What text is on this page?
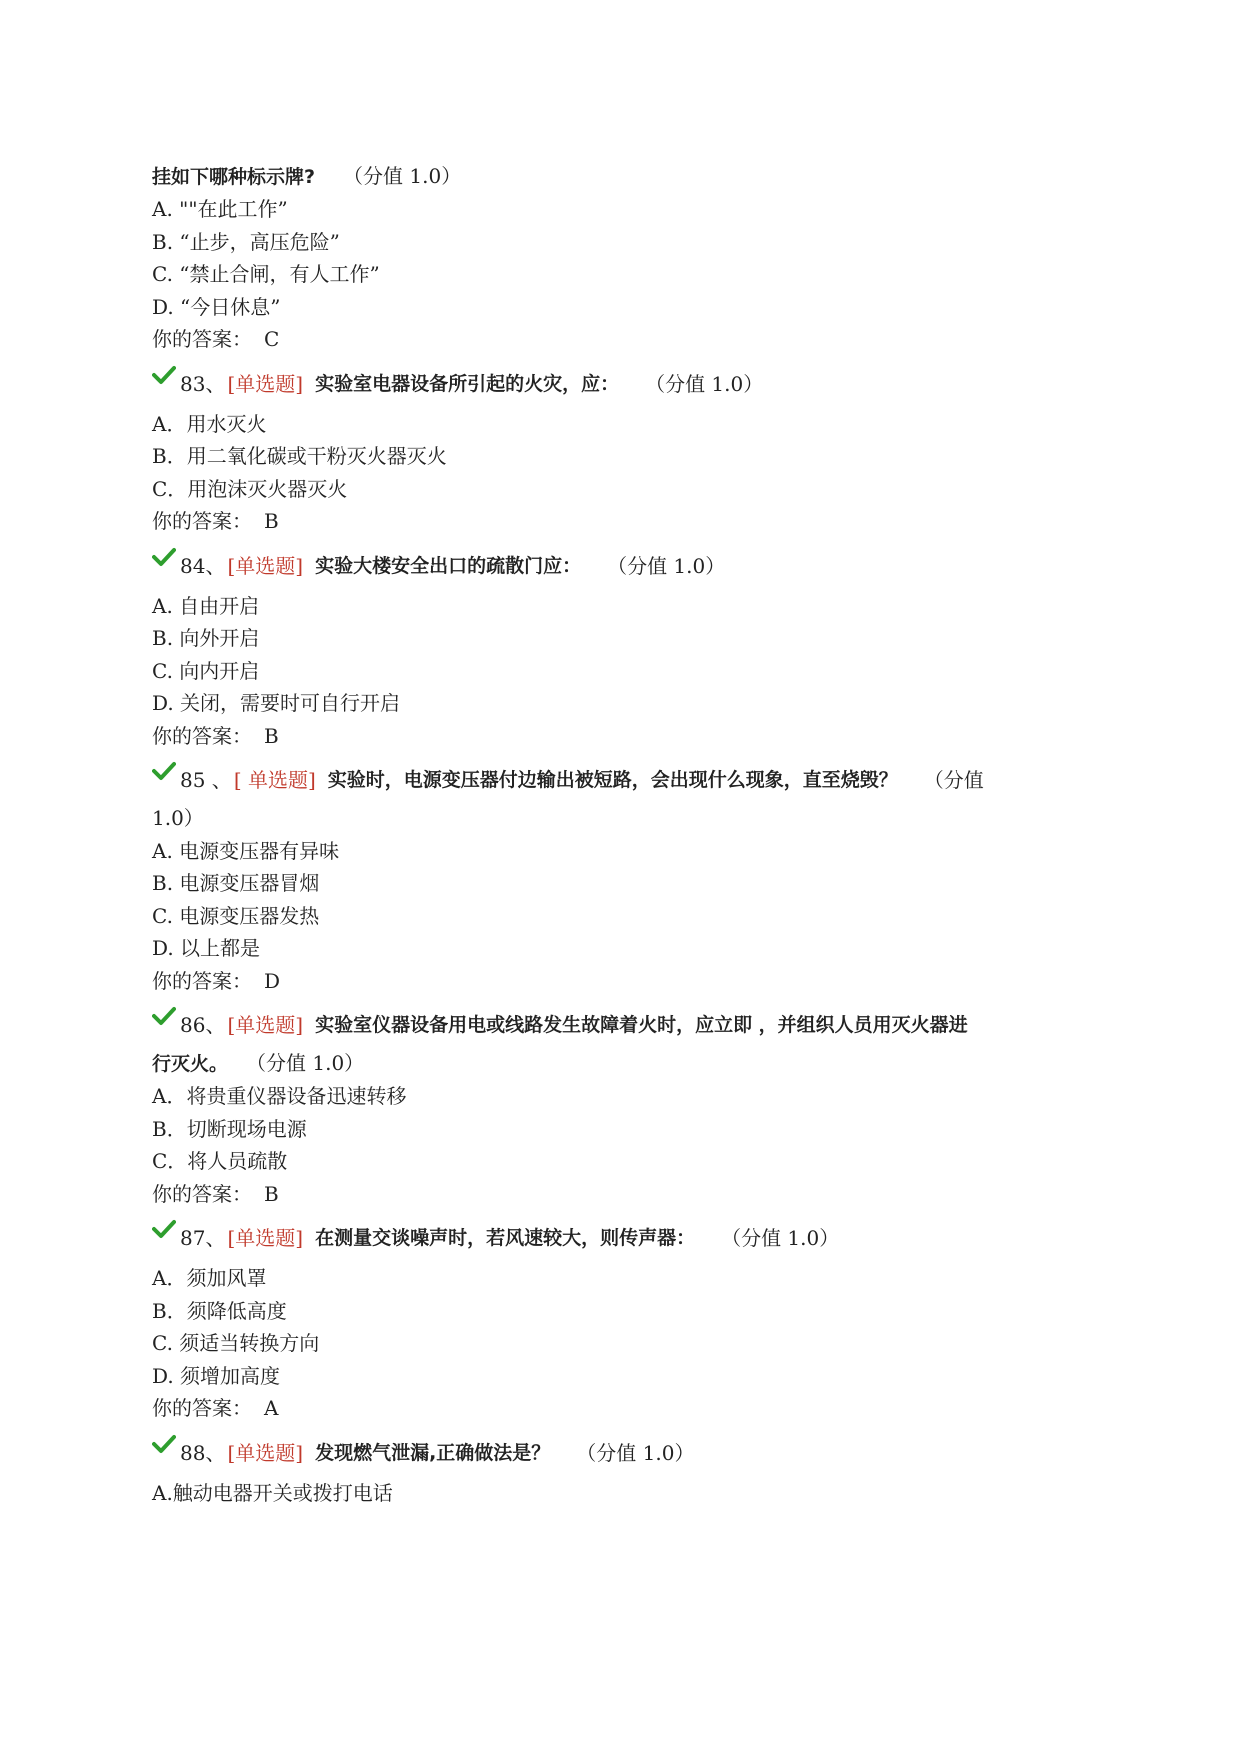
挂如下哪种标示牌? （分值 1.0）
A. ""在此工作”
B. “止步，高压危险”
C. “禁止合闸，有人工作”
D. “今日休息”
你的答案： C
83、 [单选题] 实验室电器设备所引起的火灾，应： （分值 1.0）
A．用水灭火
B．用二氧化碳或干粉灭火器灭火
C．用泡沫灭火器灭火
你的答案： B
84、 [单选题] 实验大楼安全出口的疏散门应： （分值 1.0）
A. 自由开启
B. 向外开启
C. 向内开启
D. 关闭，需要时可自行开启
你的答案： B
85 、 [ 单选题] 实验时，电源变压器付边输出被短路，会出现什么现象，直至烧毁？ （分值
1.0）
A. 电源变压器有异味
B. 电源变压器冒烟
C. 电源变压器发热
D. 以上都是
你的答案： D
86、 [单选题] 实验室仪器设备用电或线路发生故障着火时，应立即 ，并组织人员用灭火器进
行灭火。 （分值 1.0）
A．将贵重仪器设备迅速转移
B．切断现场电源
C．将人员疏散
你的答案： B
87、 [单选题] 在测量交谈噪声时，若风速较大，则传声器： （分值 1.0）
A．须加风罩
B．须降低高度
C. 须适当转换方向
D. 须增加高度
你的答案： A
88、 [单选题] 发现燃气泄漏,正确做法是？ （分值 1.0）
A.触动电器开关或拨打电话
